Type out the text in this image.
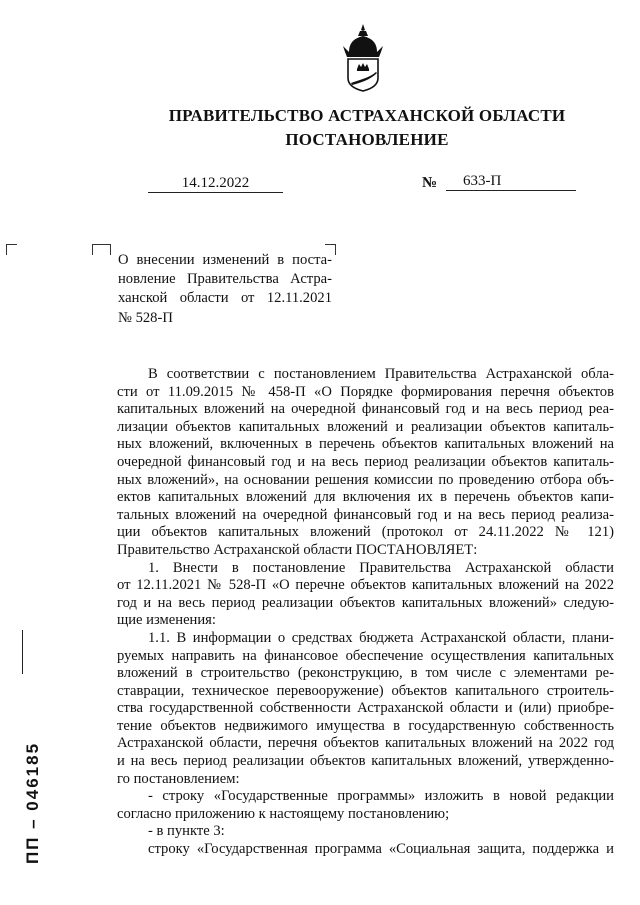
ПРАВИТЕЛЬСТВО АСТРАХАНСКОЙ ОБЛАСТИ
ПОСТАНОВЛЕНИЕ
14.12.2022	№	633-П
О внесении изменений в поста-
новление Правительства Астра-
ханской области от 12.11.2021
№ 528-П
В соответствии с постановлением Правительства Астраханской обла-
сти от 11.09.2015 № 458-П «О Порядке формирования перечня объектов
капитальных вложений на очередной финансовый год и на весь период реа-
лизации объектов капитальных вложений и реализации объектов капиталь-
ных вложений, включенных в перечень объектов капитальных вложений на
очередной финансовый год и на весь период реализации объектов капиталь-
ных вложений», на основании решения комиссии по проведению отбора объ-
ектов капитальных вложений для включения их в перечень объектов капи-
тальных вложений на очередной финансовый год и на весь период реализа-
ции объектов капитальных вложений (протокол от 24.11.2022 № 121)
Правительство Астраханской области ПОСТАНОВЛЯЕТ:
1. Внести в постановление Правительства Астраханской области
от 12.11.2021 № 528-П «О перечне объектов капитальных вложений на 2022
год и на весь период реализации объектов капитальных вложений» следую-
щие изменения:
1.1. В информации о средствах бюджета Астраханской области, плани-
руемых направить на финансовое обеспечение осуществления капитальных
вложений в строительство (реконструкцию, в том числе с элементами ре-
ставрации, техническое перевооружение) объектов капитального строитель-
ства государственной собственности Астраханской области и (или) приобре-
тение объектов недвижимого имущества в государственную собственность
Астраханской области, перечня объектов капитальных вложений на 2022 год
и на весь период реализации объектов капитальных вложений, утвержденно-
го постановлением:
- строку «Государственные программы» изложить в новой редакции
согласно приложению к настоящему постановлению;
- в пункте 3:
строку «Государственная программа «Социальная защита, поддержка и
ПП – 046185
